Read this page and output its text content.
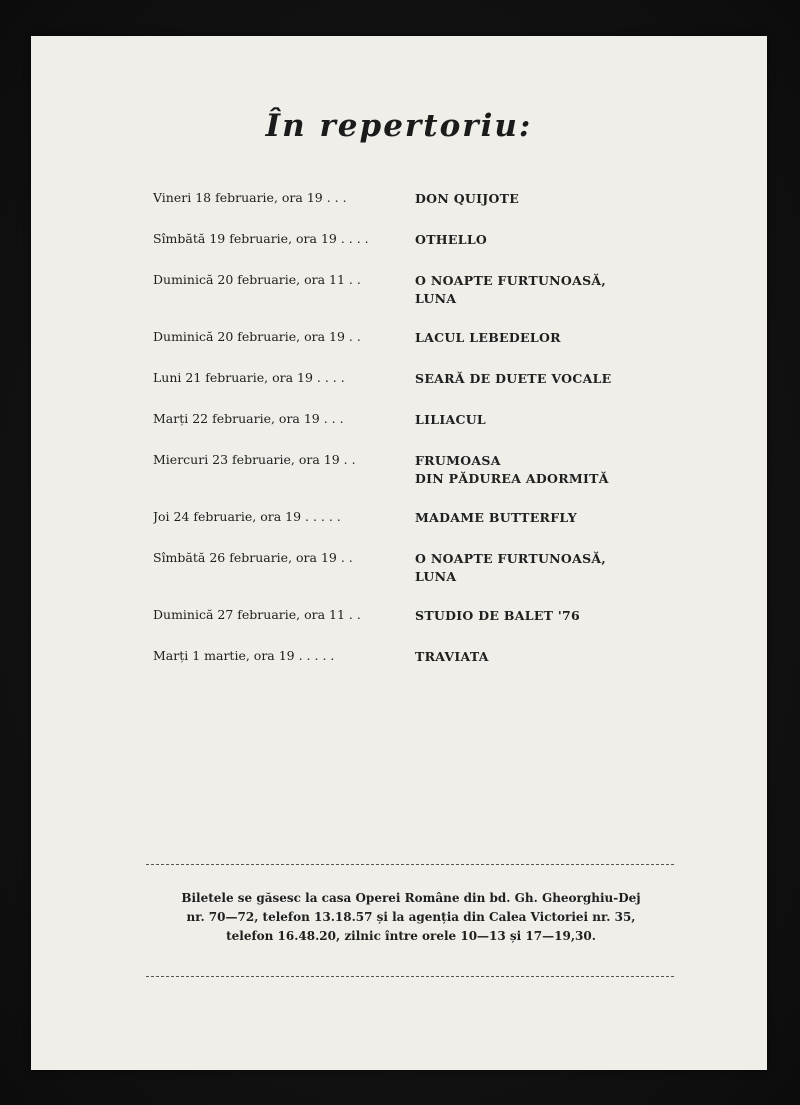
În repertoriu:
Vineri 18 februarie, ora 19 . . .	DON QUIJOTE
Sîmbătă 19 februarie, ora 19 . . . .	OTHELLO
Duminică 20 februarie, ora 11 . .	O NOAPTE FURTUNOASĂ,
LUNA
Duminică 20 februarie, ora 19 . .	LACUL LEBEDELOR
Luni 21 februarie, ora 19 . . . .	SEARĂ DE DUETE VOCALE
Marți 22 februarie, ora 19 . . .	LILIACUL
Miercuri 23 februarie, ora 19 . .	FRUMOASA
DIN PĂDUREA ADORMITĂ
Joi 24 februarie, ora 19 . . . . .	MADAME BUTTERFLY
Sîmbătă 26 februarie, ora 19 . .	O NOAPTE FURTUNOASĂ,
LUNA
Duminică 27 februarie, ora 11 . .	STUDIO DE BALET '76
Marți 1 martie, ora 19 . . . . .	TRAVIATA
Biletele se găsesc la casa Operei Române din bd. Gh. Gheorghiu-Dej
nr. 70—72, telefon 13.18.57 și la agenția din Calea Victoriei nr. 35,
telefon 16.48.20, zilnic între orele 10—13 și 17—19,30.
